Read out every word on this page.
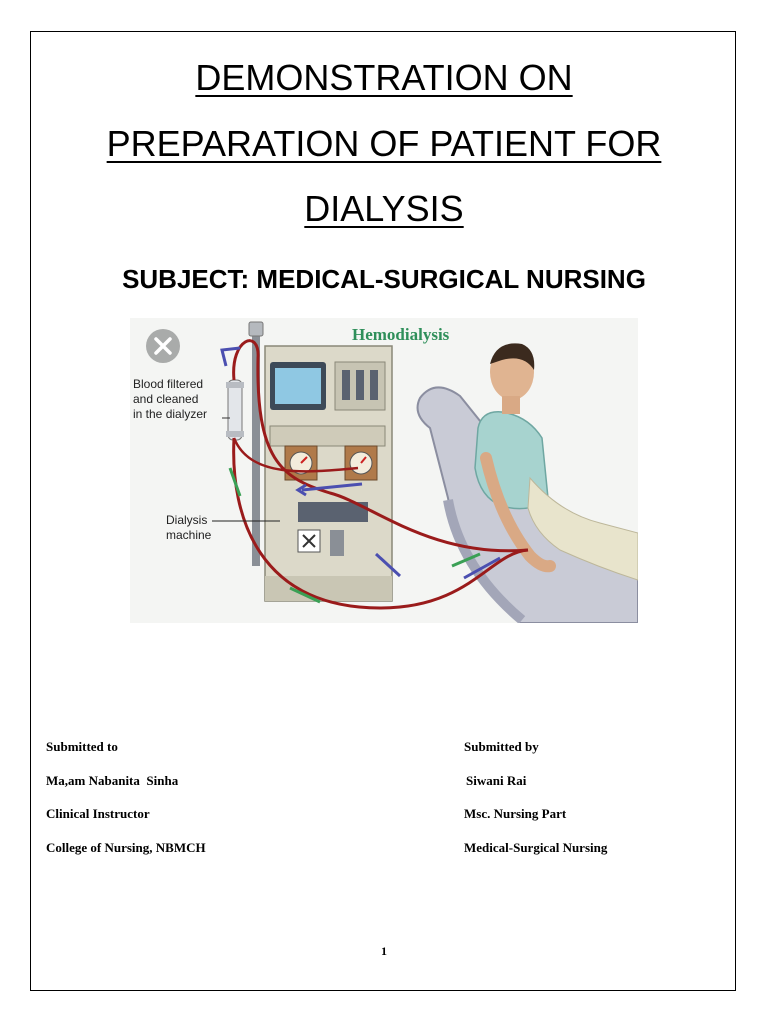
DEMONSTRATION ON
PREPARATION OF PATIENT FOR
DIALYSIS
SUBJECT: MEDICAL-SURGICAL NURSING
Hemodialysis
Blood filtered and cleaned in the dialyzer
Dialysis machine
Submitted to
Ma,am Nabanita  Sinha
Clinical Instructor
College of Nursing, NBMCH
Submitted by
Siwani Rai
Msc. Nursing Part
Medical-Surgical Nursing
1
